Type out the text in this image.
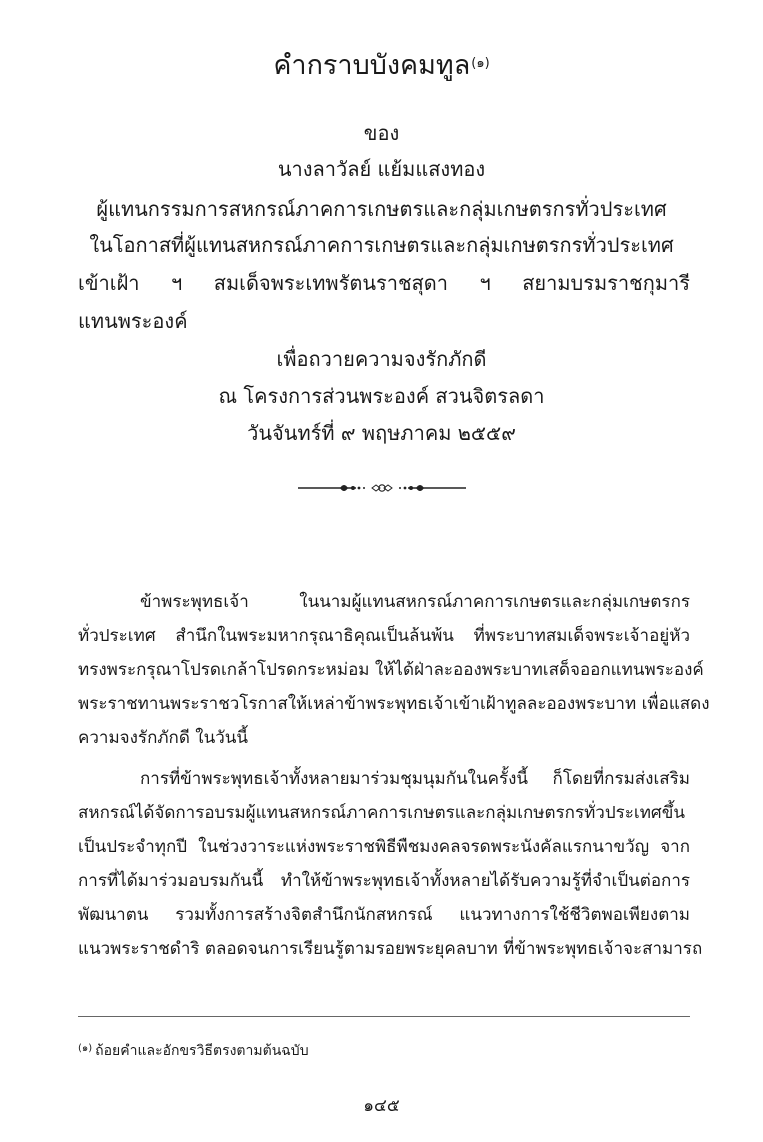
คำกราบบังคมทูล$^{(๑)}$
ของ
นางลาวัลย์ แย้มแสงทอง
ผู้แทนกรรมการสหกรณ์ภาคการเกษตรและกลุ่มเกษตรกรทั่วประเทศ
ในโอกาสที่ผู้แทนสหกรณ์ภาคการเกษตรและกลุ่มเกษตรกรทั่วประเทศ
เข้าเฝ้า ฯ สมเด็จพระเทพรัตนราชสุดา ฯ สยามบรมราชกุมารี
แทนพระองค์
เพื่อถวายความจงรักภักดี
ณ โครงการส่วนพระองค์ สวนจิตรลดา
วันจันทร์ที่ ๙ พฤษภาคม ๒๕๕๙
ข้าพระพุทธเจ้า ในนามผู้แทนสหกรณ์ภาคการเกษตรและกลุ่มเกษตรกร
ทั่วประเทศ สำนึกในพระมหากรุณาธิคุณเป็นล้นพ้น ที่พระบาทสมเด็จพระเจ้าอยู่หัว
ทรงพระกรุณาโปรดเกล้าโปรดกระหม่อม ให้ได้ฝ่าละอองพระบาทเสด็จออกแทนพระองค์
พระราชทานพระราชวโรกาสให้เหล่าข้าพระพุทธเจ้าเข้าเฝ้าทูลละอองพระบาท เพื่อแสดง
ความจงรักภักดี ในวันนี้
การที่ข้าพระพุทธเจ้าทั้งหลายมาร่วมชุมนุมกันในครั้งนี้ ก็โดยที่กรมส่งเสริม
สหกรณ์ได้จัดการอบรมผู้แทนสหกรณ์ภาคการเกษตรและกลุ่มเกษตรกรทั่วประเทศขึ้น
เป็นประจำทุกปี ในช่วงวาระแห่งพระราชพิธีพืชมงคลจรดพระนังคัลแรกนาขวัญ จาก
การที่ได้มาร่วมอบรมกันนี้ ทำให้ข้าพระพุทธเจ้าทั้งหลายได้รับความรู้ที่จำเป็นต่อการ
พัฒนาตน รวมทั้งการสร้างจิตสำนึกนักสหกรณ์ แนวทางการใช้ชีวิตพอเพียงตาม
แนวพระราชดำริ ตลอดจนการเรียนรู้ตามรอยพระยุคลบาท ที่ข้าพระพุทธเจ้าจะสามารถ
$^{(๑)}$ ถ้อยคำและอักขรวิธีตรงตามต้นฉบับ
๑๔๕
